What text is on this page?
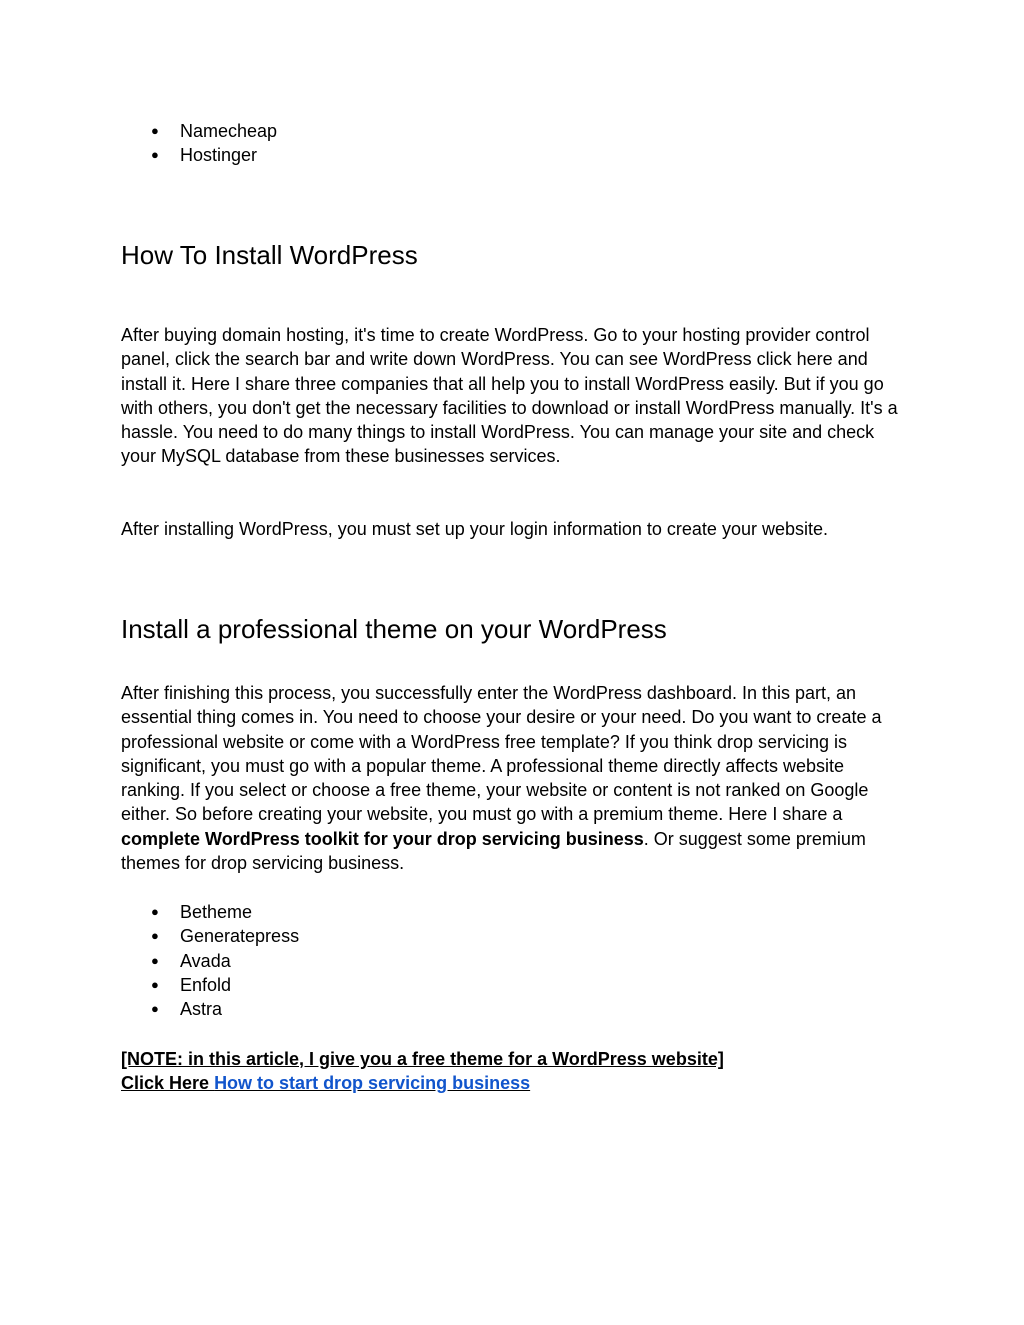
● Namecheap
● Hostinger
How To Install WordPress

After buying domain hosting, it's time to create WordPress. Go to your hosting provider control panel, click the search bar and write down WordPress. You can see WordPress click here and install it. Here I share three companies that all help you to install WordPress easily. But if you go with others, you don't get the necessary facilities to download or install WordPress manually. It's a hassle. You need to do many things to install WordPress. You can manage your site and check your MySQL database from these businesses services.

After installing WordPress, you must set up your login information to create your website.

Install a professional theme on your WordPress

After finishing this process, you successfully enter the WordPress dashboard. In this part, an essential thing comes in. You need to choose your desire or your need. Do you want to create a professional website or come with a WordPress free template? If you think drop servicing is significant, you must go with a popular theme. A professional theme directly affects website ranking. If you select or choose a free theme, your website or content is not ranked on Google either. So before creating your website, you must go with a premium theme. Here I share a complete WordPress toolkit for your drop servicing business. Or suggest some premium themes for drop servicing business.

● Betheme
● Generatepress
● Avada
● Enfold
● Astra
[NOTE: in this article, I give you a free theme for a WordPress website]
Click Here How to start drop servicing business
